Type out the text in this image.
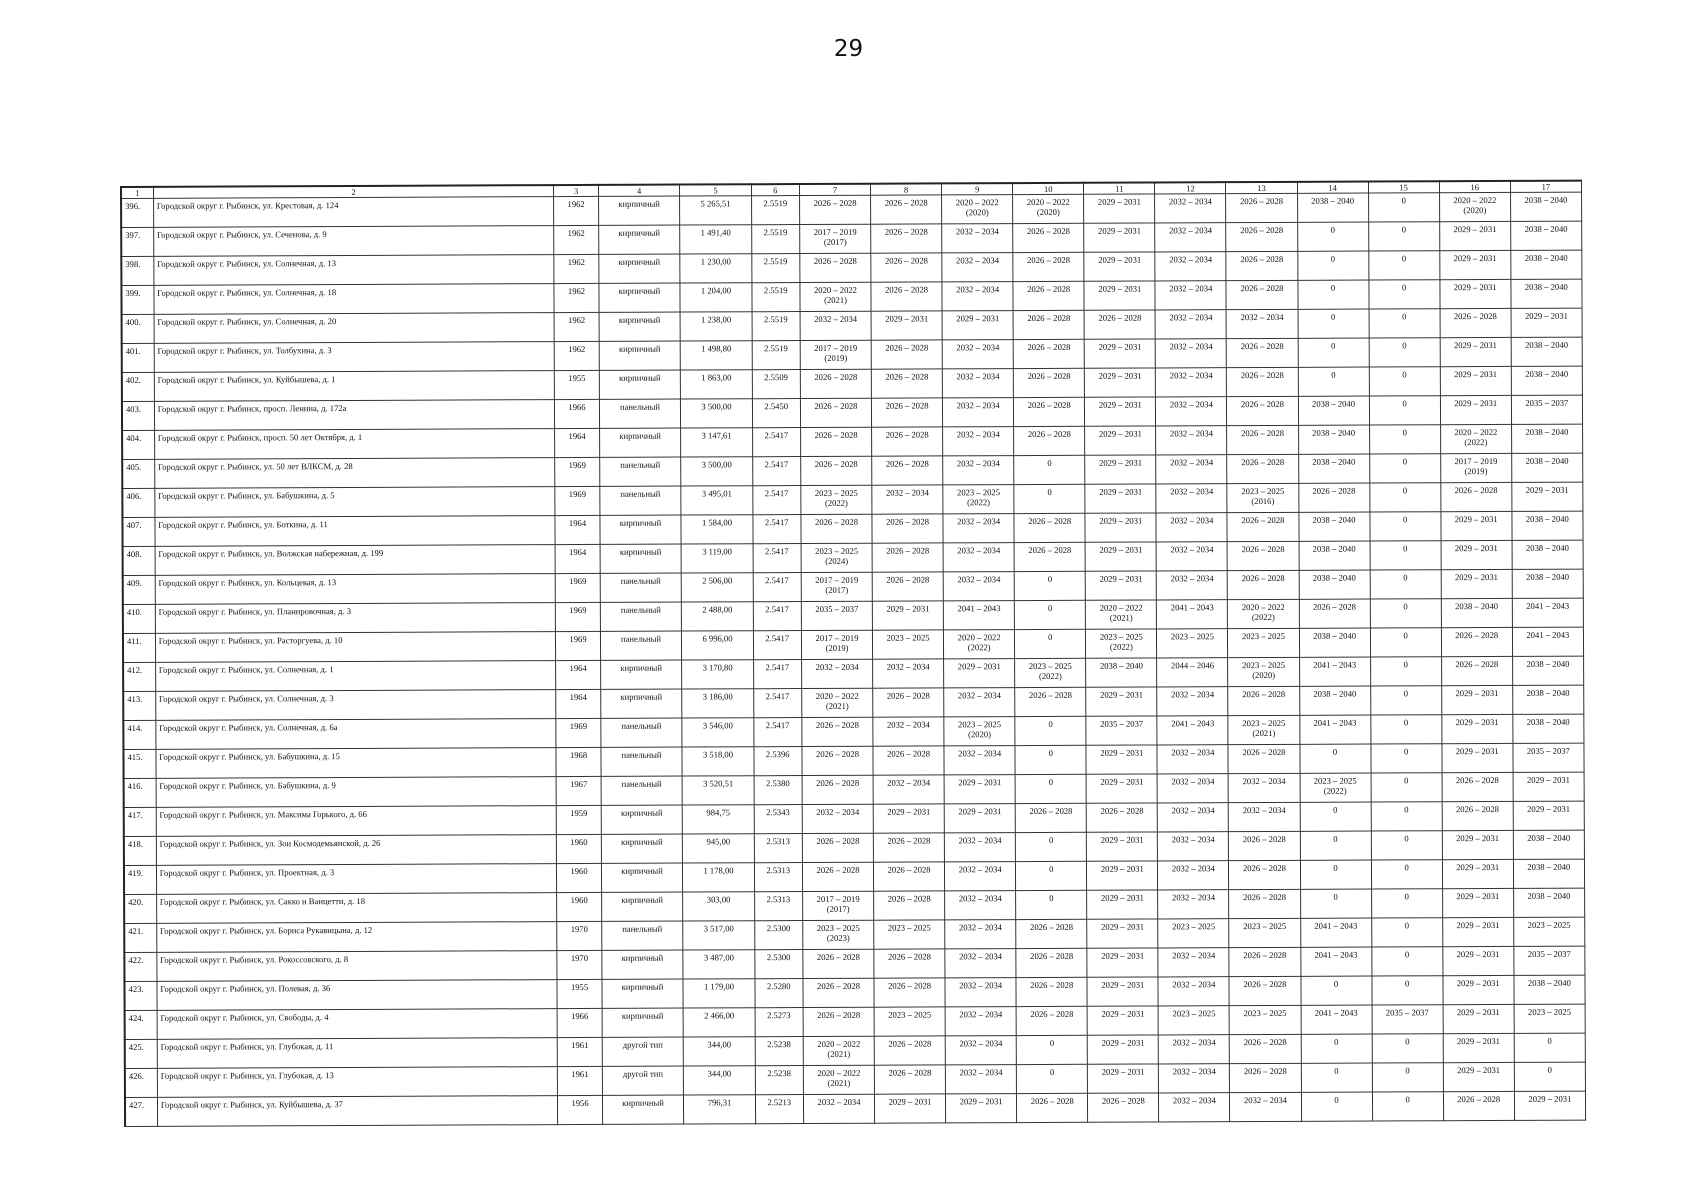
29
1	2	3	4	5	6	7	8	9	10	11	12	13	14	15	16	17
396.	Городской округ г. Рыбинск, ул. Крестовая, д. 124	1962	кирпичный	5 265,51	2.5519	2026 – 2028	2026 – 2028	2020 – 2022
(2020)	2020 – 2022
(2020)	2029 – 2031	2032 – 2034	2026 – 2028	2038 – 2040	0	2020 – 2022
(2020)	2038 – 2040
397.	Городской округ г. Рыбинск, ул. Сеченова, д. 9	1962	кирпичный	1 491,40	2.5519	2017 – 2019
(2017)	2026 – 2028	2032 – 2034	2026 – 2028	2029 – 2031	2032 – 2034	2026 – 2028	0	0	2029 – 2031	2038 – 2040
398.	Городской округ г. Рыбинск, ул. Солнечная, д. 13	1962	кирпичный	1 230,00	2.5519	2026 – 2028	2026 – 2028	2032 – 2034	2026 – 2028	2029 – 2031	2032 – 2034	2026 – 2028	0	0	2029 – 2031	2038 – 2040
399.	Городской округ г. Рыбинск, ул. Солнечная, д. 18	1962	кирпичный	1 204,00	2.5519	2020 – 2022
(2021)	2026 – 2028	2032 – 2034	2026 – 2028	2029 – 2031	2032 – 2034	2026 – 2028	0	0	2029 – 2031	2038 – 2040
400.	Городской округ г. Рыбинск, ул. Солнечная, д. 20	1962	кирпичный	1 238,00	2.5519	2032 – 2034	2029 – 2031	2029 – 2031	2026 – 2028	2026 – 2028	2032 – 2034	2032 – 2034	0	0	2026 – 2028	2029 – 2031
401.	Городской округ г. Рыбинск, ул. Толбухина, д. 3	1962	кирпичный	1 498,80	2.5519	2017 – 2019
(2019)	2026 – 2028	2032 – 2034	2026 – 2028	2029 – 2031	2032 – 2034	2026 – 2028	0	0	2029 – 2031	2038 – 2040
402.	Городской округ г. Рыбинск, ул. Куйбышева, д. 1	1955	кирпичный	1 863,00	2.5509	2026 – 2028	2026 – 2028	2032 – 2034	2026 – 2028	2029 – 2031	2032 – 2034	2026 – 2028	0	0	2029 – 2031	2038 – 2040
403.	Городской округ г. Рыбинск, просп. Ленина, д. 172а	1966	панельный	3 500,00	2.5450	2026 – 2028	2026 – 2028	2032 – 2034	2026 – 2028	2029 – 2031	2032 – 2034	2026 – 2028	2038 – 2040	0	2029 – 2031	2035 – 2037
404.	Городской округ г. Рыбинск, просп. 50 лет Октября, д. 1	1964	кирпичный	3 147,61	2.5417	2026 – 2028	2026 – 2028	2032 – 2034	2026 – 2028	2029 – 2031	2032 – 2034	2026 – 2028	2038 – 2040	0	2020 – 2022
(2022)	2038 – 2040
405.	Городской округ г. Рыбинск, ул. 50 лет ВЛКСМ, д. 28	1969	панельный	3 500,00	2.5417	2026 – 2028	2026 – 2028	2032 – 2034	0	2029 – 2031	2032 – 2034	2026 – 2028	2038 – 2040	0	2017 – 2019
(2019)	2038 – 2040
406.	Городской округ г. Рыбинск, ул. Бабушкина, д. 5	1969	панельный	3 495,01	2.5417	2023 – 2025
(2022)	2032 – 2034	2023 – 2025
(2022)	0	2029 – 2031	2032 – 2034	2023 – 2025
(2016)	2026 – 2028	0	2026 – 2028	2029 – 2031
407.	Городской округ г. Рыбинск, ул. Боткина, д. 11	1964	кирпичный	1 584,00	2.5417	2026 – 2028	2026 – 2028	2032 – 2034	2026 – 2028	2029 – 2031	2032 – 2034	2026 – 2028	2038 – 2040	0	2029 – 2031	2038 – 2040
408.	Городской округ г. Рыбинск, ул. Волжская набережная, д. 199	1964	кирпичный	3 119,00	2.5417	2023 – 2025
(2024)	2026 – 2028	2032 – 2034	2026 – 2028	2029 – 2031	2032 – 2034	2026 – 2028	2038 – 2040	0	2029 – 2031	2038 – 2040
409.	Городской округ г. Рыбинск, ул. Кольцевая, д. 13	1969	панельный	2 506,00	2.5417	2017 – 2019
(2017)	2026 – 2028	2032 – 2034	0	2029 – 2031	2032 – 2034	2026 – 2028	2038 – 2040	0	2029 – 2031	2038 – 2040
410.	Городской округ г. Рыбинск, ул. Планировочная, д. 3	1969	панельный	2 488,00	2.5417	2035 – 2037	2029 – 2031	2041 – 2043	0	2020 – 2022
(2021)	2041 – 2043	2020 – 2022
(2022)	2026 – 2028	0	2038 – 2040	2041 – 2043
411.	Городской округ г. Рыбинск, ул. Расторгуева, д. 10	1969	панельный	6 996,00	2.5417	2017 – 2019
(2019)	2023 – 2025	2020 – 2022
(2022)	0	2023 – 2025
(2022)	2023 – 2025	2023 – 2025	2038 – 2040	0	2026 – 2028	2041 – 2043
412.	Городской округ г. Рыбинск, ул. Солнечная, д. 1	1964	кирпичный	3 170,80	2.5417	2032 – 2034	2032 – 2034	2029 – 2031	2023 – 2025
(2022)	2038 – 2040	2044 – 2046	2023 – 2025
(2020)	2041 – 2043	0	2026 – 2028	2038 – 2040
413.	Городской округ г. Рыбинск, ул. Солнечная, д. 3	1964	кирпичный	3 186,00	2.5417	2020 – 2022
(2021)	2026 – 2028	2032 – 2034	2026 – 2028	2029 – 2031	2032 – 2034	2026 – 2028	2038 – 2040	0	2029 – 2031	2038 – 2040
414.	Городской округ г. Рыбинск, ул. Солнечная, д. 6а	1969	панельный	3 546,00	2.5417	2026 – 2028	2032 – 2034	2023 – 2025
(2020)	0	2035 – 2037	2041 – 2043	2023 – 2025
(2021)	2041 – 2043	0	2029 – 2031	2038 – 2040
415.	Городской округ г. Рыбинск, ул. Бабушкина, д. 15	1968	панельный	3 518,00	2.5396	2026 – 2028	2026 – 2028	2032 – 2034	0	2029 – 2031	2032 – 2034	2026 – 2028	0	0	2029 – 2031	2035 – 2037
416.	Городской округ г. Рыбинск, ул. Бабушкина, д. 9	1967	панельный	3 520,51	2.5380	2026 – 2028	2032 – 2034	2029 – 2031	0	2029 – 2031	2032 – 2034	2032 – 2034	2023 – 2025
(2022)	0	2026 – 2028	2029 – 2031
417.	Городской округ г. Рыбинск, ул. Максима Горького, д. 66	1959	кирпичный	984,75	2.5343	2032 – 2034	2029 – 2031	2029 – 2031	2026 – 2028	2026 – 2028	2032 – 2034	2032 – 2034	0	0	2026 – 2028	2029 – 2031
418.	Городской округ г. Рыбинск, ул. Зои Космодемьянской, д. 26	1960	кирпичный	945,00	2.5313	2026 – 2028	2026 – 2028	2032 – 2034	0	2029 – 2031	2032 – 2034	2026 – 2028	0	0	2029 – 2031	2038 – 2040
419.	Городской округ г. Рыбинск, ул. Проектная, д. 3	1960	кирпичный	1 178,00	2.5313	2026 – 2028	2026 – 2028	2032 – 2034	0	2029 – 2031	2032 – 2034	2026 – 2028	0	0	2029 – 2031	2038 – 2040
420.	Городской округ г. Рыбинск, ул. Сакко и Ванцетти, д. 18	1960	кирпичный	303,00	2.5313	2017 – 2019
(2017)	2026 – 2028	2032 – 2034	0	2029 – 2031	2032 – 2034	2026 – 2028	0	0	2029 – 2031	2038 – 2040
421.	Городской округ г. Рыбинск, ул. Бориса Рукавицына, д. 12	1970	панельный	3 517,00	2.5300	2023 – 2025
(2023)	2023 – 2025	2032 – 2034	2026 – 2028	2029 – 2031	2023 – 2025	2023 – 2025	2041 – 2043	0	2029 – 2031	2023 – 2025
422.	Городской округ г. Рыбинск, ул. Рокоссовского, д. 8	1970	кирпичный	3 487,00	2.5300	2026 – 2028	2026 – 2028	2032 – 2034	2026 – 2028	2029 – 2031	2032 – 2034	2026 – 2028	2041 – 2043	0	2029 – 2031	2035 – 2037
423.	Городской округ г. Рыбинск, ул. Полевая, д. 36	1955	кирпичный	1 179,00	2.5280	2026 – 2028	2026 – 2028	2032 – 2034	2026 – 2028	2029 – 2031	2032 – 2034	2026 – 2028	0	0	2029 – 2031	2038 – 2040
424.	Городской округ г. Рыбинск, ул. Свободы, д. 4	1966	кирпичный	2 466,00	2.5273	2026 – 2028	2023 – 2025	2032 – 2034	2026 – 2028	2029 – 2031	2023 – 2025	2023 – 2025	2041 – 2043	2035 – 2037	2029 – 2031	2023 – 2025
425.	Городской округ г. Рыбинск, ул. Глубокая, д. 11	1961	другой тип	344,00	2.5238	2020 – 2022
(2021)	2026 – 2028	2032 – 2034	0	2029 – 2031	2032 – 2034	2026 – 2028	0	0	2029 – 2031	0
426.	Городской округ г. Рыбинск, ул. Глубокая, д. 13	1961	другой тип	344,00	2.5238	2020 – 2022
(2021)	2026 – 2028	2032 – 2034	0	2029 – 2031	2032 – 2034	2026 – 2028	0	0	2029 – 2031	0
427.	Городской округ г. Рыбинск, ул. Куйбышева, д. 37	1956	кирпичный	796,31	2.5213	2032 – 2034	2029 – 2031	2029 – 2031	2026 – 2028	2026 – 2028	2032 – 2034	2032 – 2034	0	0	2026 – 2028	2029 – 2031
